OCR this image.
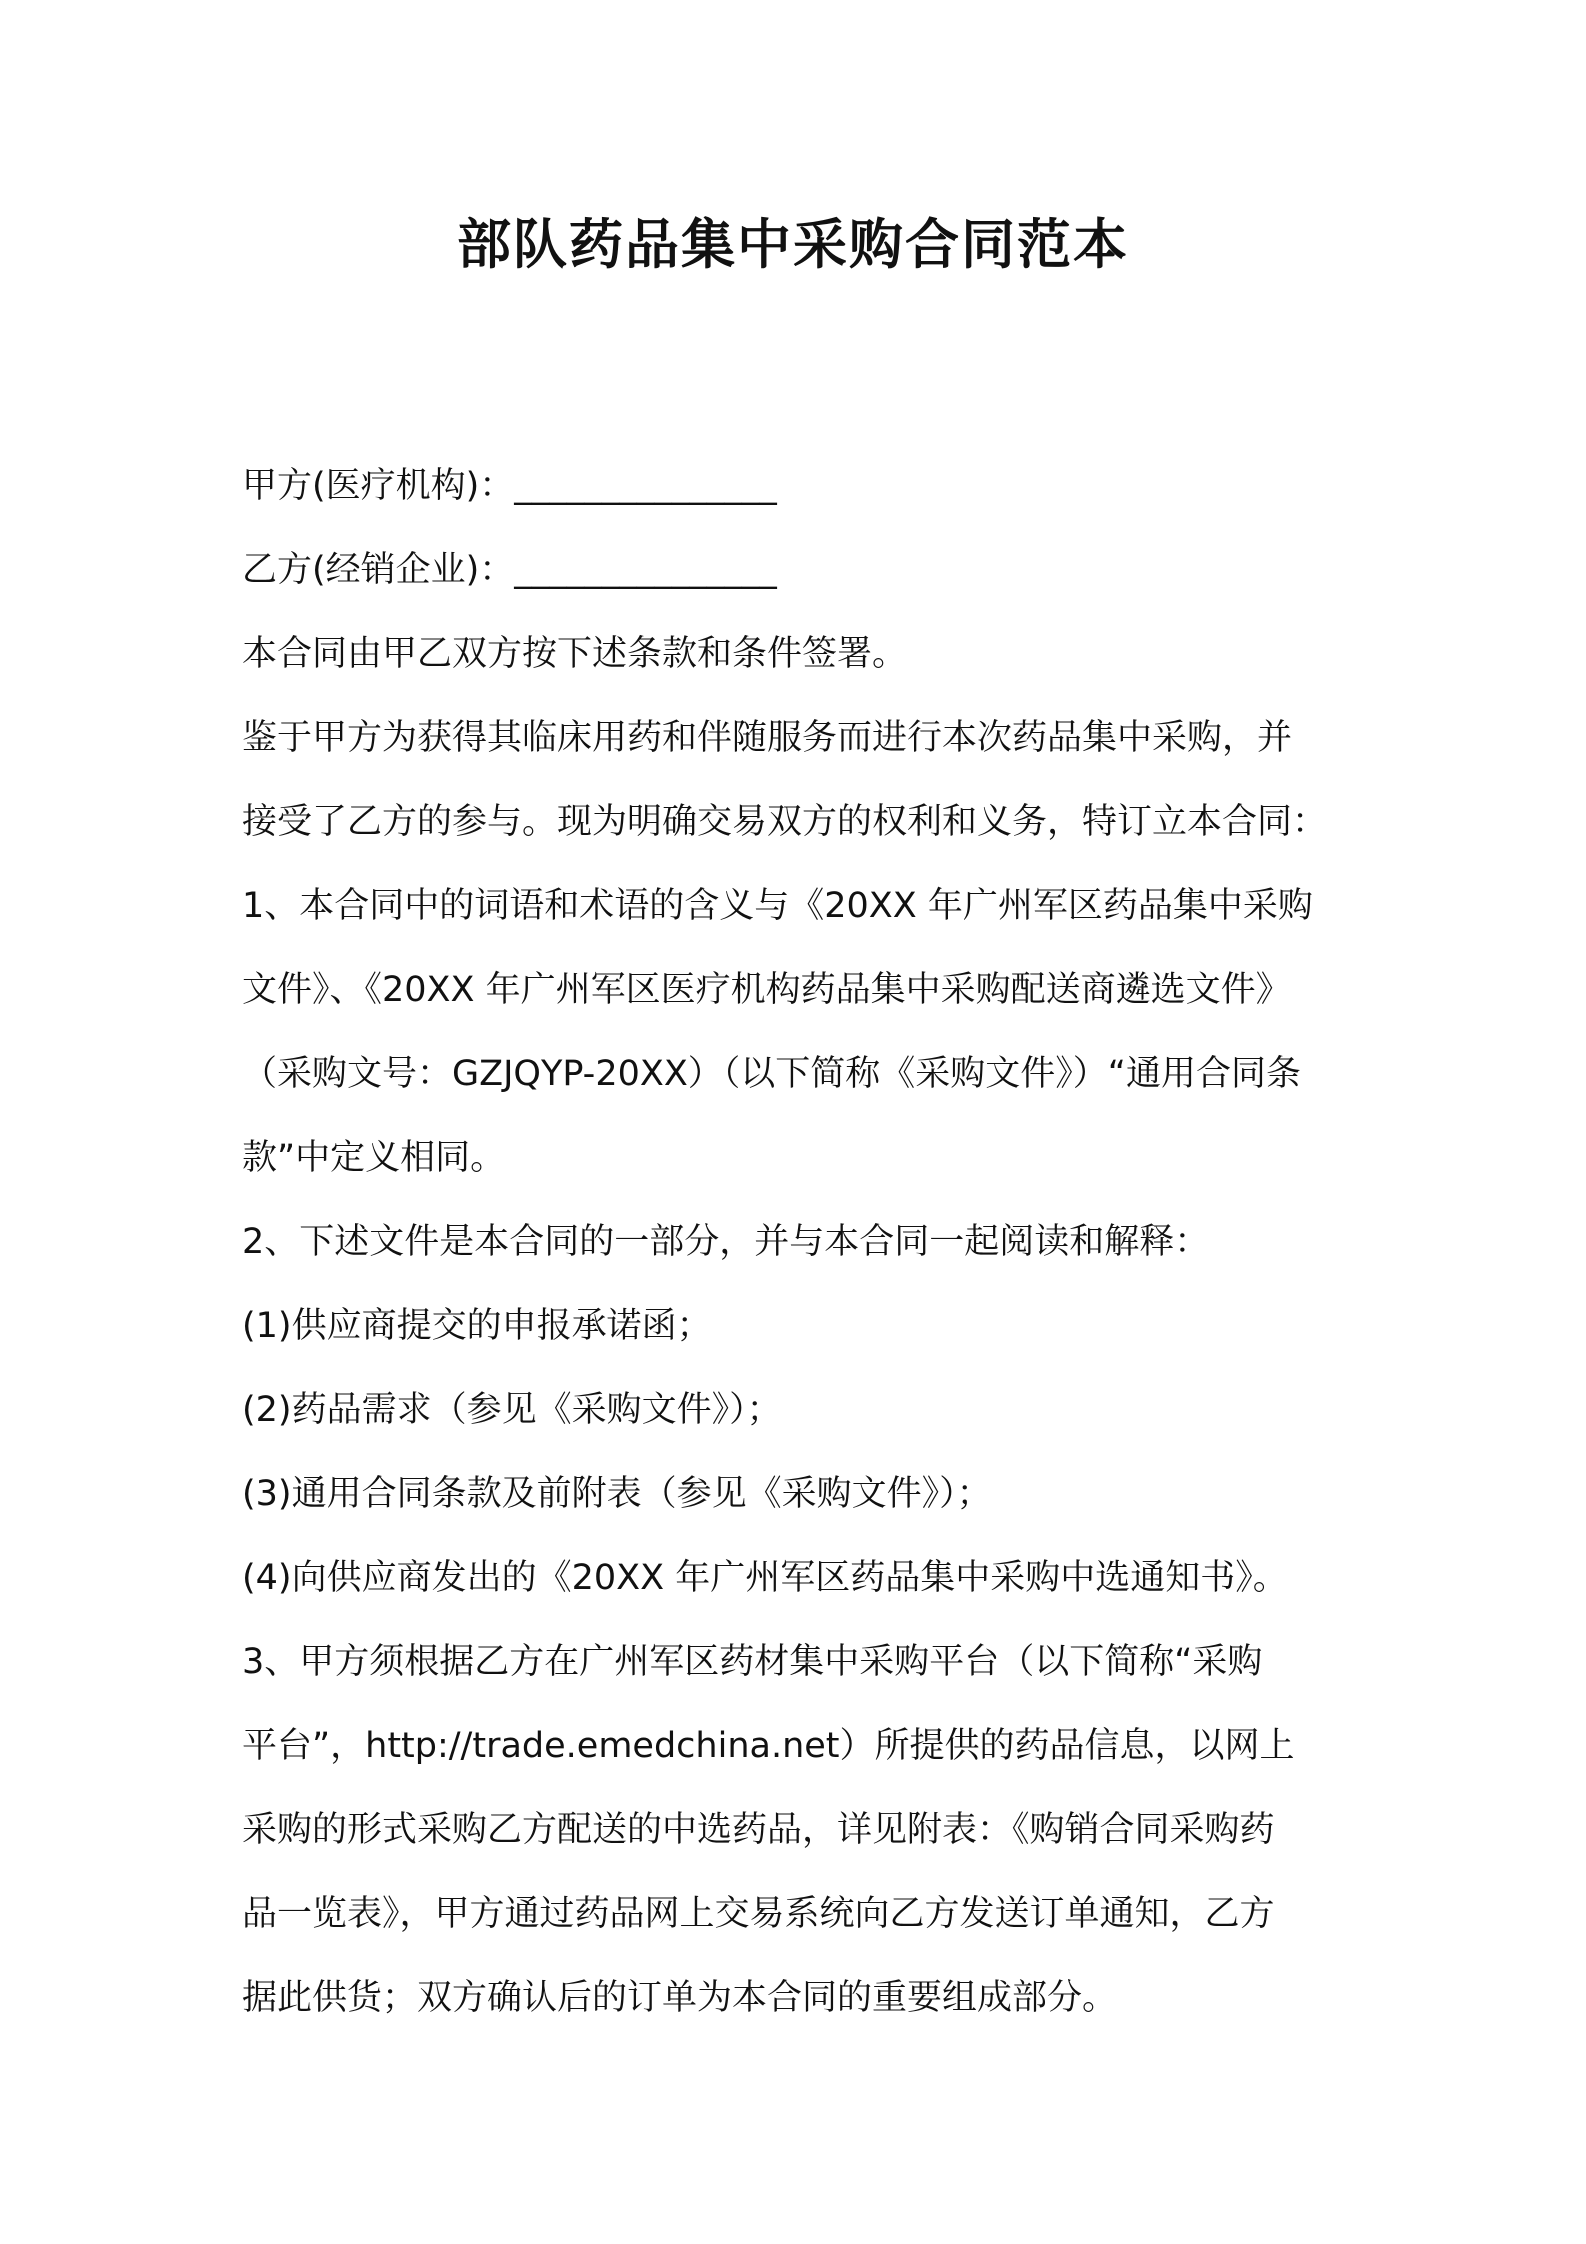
部队药品集中采购合同范本
甲方(医疗机构)：_______________
乙方(经销企业)：_______________
本合同由甲乙双方按下述条款和条件签署。
鉴于甲方为获得其临床用药和伴随服务而进行本次药品集中采购，并
接受了乙方的参与。现为明确交易双方的权利和义务，特订立本合同：
1、本合同中的词语和术语的含义与《20XX 年广州军区药品集中采购
文件》、《20XX 年广州军区医疗机构药品集中采购配送商遴选文件》
（采购文号：GZJQYP-20XX）（以下简称《采购文件》）“通用合同条
款”中定义相同。
2、下述文件是本合同的一部分，并与本合同一起阅读和解释：
(1)供应商提交的申报承诺函；
(2)药品需求（参见《采购文件》）；
(3)通用合同条款及前附表（参见《采购文件》）；
(4)向供应商发出的《20XX 年广州军区药品集中采购中选通知书》。
3、甲方须根据乙方在广州军区药材集中采购平台（以下简称“采购
平台”，http://trade.emedchina.net）所提供的药品信息，以网上
采购的形式采购乙方配送的中选药品，详见附表：《购销合同采购药
品一览表》，甲方通过药品网上交易系统向乙方发送订单通知，乙方
据此供货；双方确认后的订单为本合同的重要组成部分。
